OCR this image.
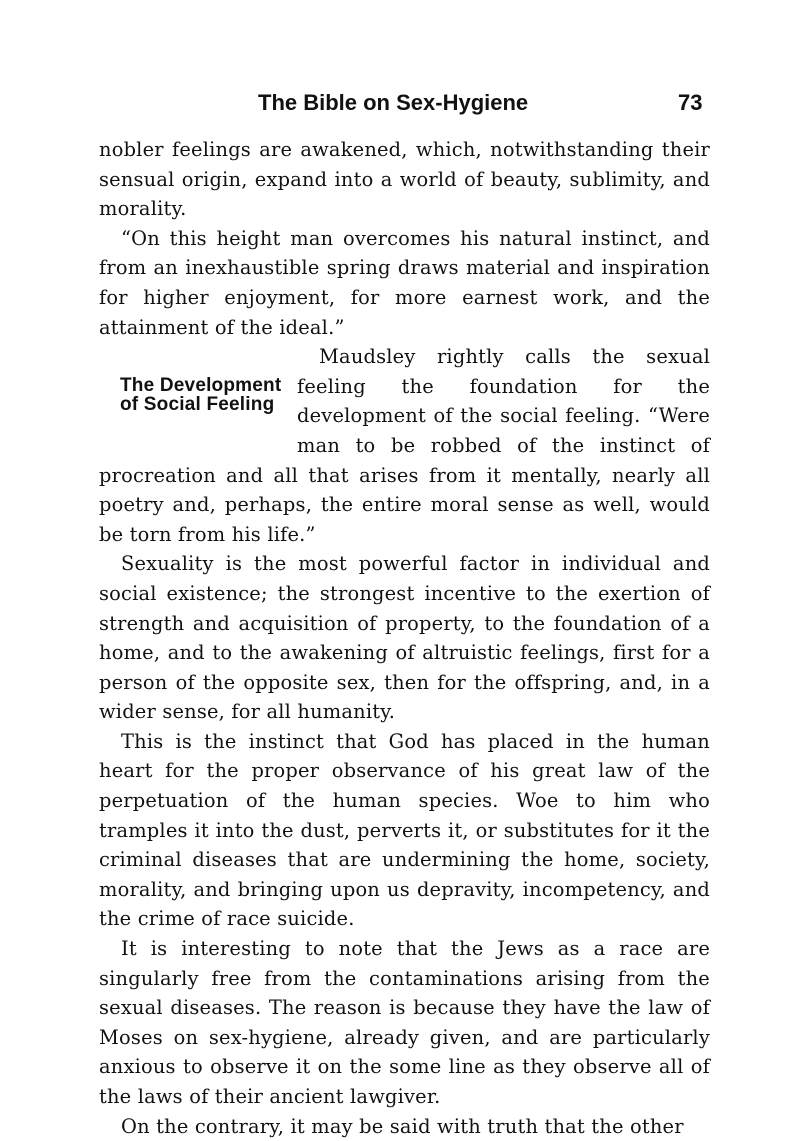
The Bible on Sex-Hygiene	73

nobler feelings are awakened, which, notwithstanding their sensual origin, expand into a world of beauty, sublimity, and morality.

“On this height man overcomes his natural instinct, and from an inexhaustible spring draws material and inspiration for higher enjoyment, for more earnest work, and the attainment of the ideal.”

The Development
of Social Feeling
Maudsley rightly calls the sexual feeling the foundation for the development of the social feeling. “Were man to be robbed of the instinct of procreation and all that arises from it mentally, nearly all poetry and, perhaps, the entire moral sense as well, would be torn from his life.”

Sexuality is the most powerful factor in individual and social existence; the strongest incentive to the exertion of strength and acquisition of property, to the foundation of a home, and to the awakening of altruistic feelings, first for a person of the opposite sex, then for the offspring, and, in a wider sense, for all humanity.

This is the instinct that God has placed in the human heart for the proper observance of his great law of the perpetuation of the human species. Woe to him who tramples it into the dust, perverts it, or substitutes for it the criminal diseases that are undermining the home, society, morality, and bringing upon us depravity, incompetency, and the crime of race suicide.

It is interesting to note that the Jews as a race are singularly free from the contaminations arising from the sexual diseases. The reason is because they have the law of Moses on sex-hygiene, already given, and are particularly anxious to observe it on the some line as they observe all of the laws of their ancient lawgiver.

On the contrary, it may be said with truth that the other
